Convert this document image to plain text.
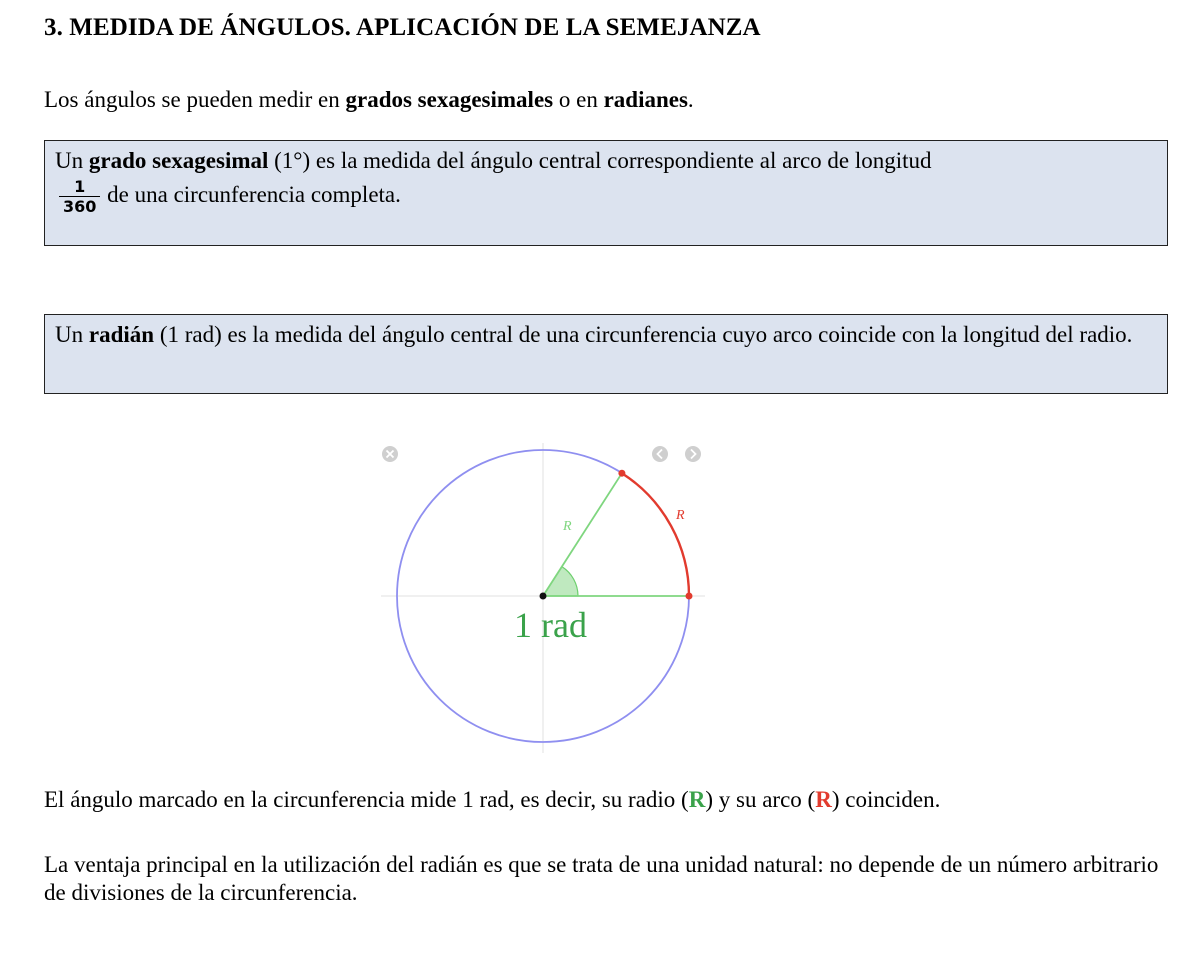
3. MEDIDA DE ÁNGULOS. APLICACIÓN DE LA SEMEJANZA

Los ángulos se pueden medir en grados sexagesimales o en radianes.

Un grado sexagesimal (1°) es la medida del ángulo central correspondiente al arco de longitud
$\frac{1}{360}$ de una circunferencia completa.
Un radián (1 rad) es la medida del ángulo central de una circunferencia cuyo arco coincide con la longitud del radio.
R
R
1 rad

El ángulo marcado en la circunferencia mide 1 rad, es decir, su radio (R) y su arco (R) coinciden.

La ventaja principal en la utilización del radián es que se trata de una unidad natural: no depende de un número arbitrario de divisiones de la circunferencia.
